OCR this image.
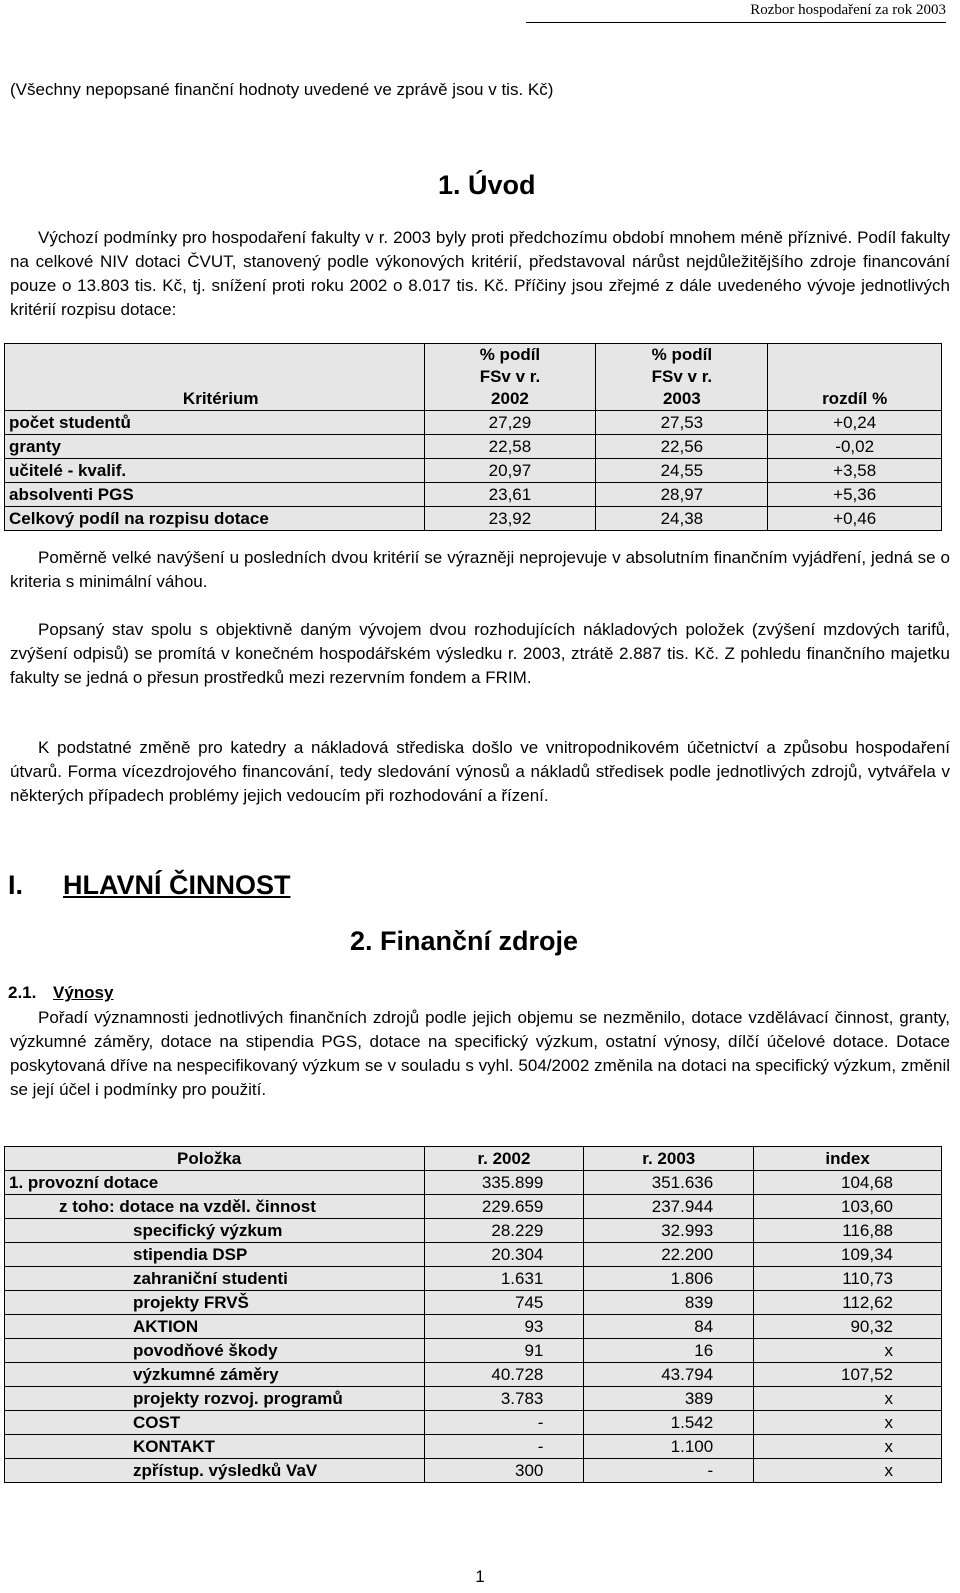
Rozbor hospodaření za rok 2003
(Všechny nepopsané finanční hodnoty uvedené ve zprávě jsou v tis. Kč)
1. Úvod
Výchozí podmínky pro hospodaření fakulty v r. 2003 byly proti předchozímu období mnohem méně příznivé. Podíl fakulty na celkové NIV dotaci ČVUT, stanovený podle výkonových kritérií, představoval nárůst nejdůležitějšího zdroje financování pouze o 13.803 tis. Kč, tj. snížení proti roku 2002 o 8.017 tis. Kč. Příčiny jsou zřejmé z dále uvedeného vývoje jednotlivých kritérií rozpisu dotace:
Kritérium	% podíl FSv v r. 2002	% podíl FSv v r. 2003	rozdíl %
počet studentů	27,29	27,53	+0,24
granty	22,58	22,56	-0,02
učitelé - kvalif.	20,97	24,55	+3,58
absolventi PGS	23,61	28,97	+5,36
Celkový podíl na rozpisu dotace	23,92	24,38	+0,46
Poměrně velké navýšení u posledních dvou kritérií se výrazněji neprojevuje v absolutním finančním vyjádření, jedná se o kriteria s minimální váhou.
Popsaný stav spolu s objektivně daným vývojem dvou rozhodujících nákladových položek (zvýšení mzdových tarifů, zvýšení odpisů) se promítá v konečném hospodářském výsledku r. 2003, ztrátě 2.887 tis. Kč. Z pohledu finančního majetku fakulty se jedná o přesun prostředků mezi rezervním fondem a FRIM.
K podstatné změně pro katedry a nákladová střediska došlo ve vnitropodnikovém účetnictví a způsobu hospodaření útvarů. Forma vícezdrojového financování, tedy sledování výnosů a nákladů středisek podle jednotlivých zdrojů, vytvářela v některých případech problémy jejich vedoucím při rozhodování a řízení.
I. HLAVNÍ ČINNOST
2. Finanční zdroje
2.1. Výnosy
Pořadí významnosti jednotlivých finančních zdrojů podle jejich objemu se nezměnilo, dotace vzdělávací činnost, granty, výzkumné záměry, dotace na stipendia PGS, dotace na specifický výzkum, ostatní výnosy, dílčí účelové dotace. Dotace poskytovaná dříve na nespecifikovaný výzkum se v souladu s vyhl. 504/2002 změnila na dotaci na specifický výzkum, změnil se její účel i podmínky pro použití.
Položka	r. 2002	r. 2003	index
1. provozní dotace	335.899	351.636	104,68
z toho: dotace na vzděl. činnost	229.659	237.944	103,60
specifický výzkum	28.229	32.993	116,88
stipendia DSP	20.304	22.200	109,34
zahraniční studenti	1.631	1.806	110,73
projekty FRVŠ	745	839	112,62
AKTION	93	84	90,32
povodňové škody	91	16	x
výzkumné záměry	40.728	43.794	107,52
projekty rozvoj. programů	3.783	389	x
COST	-	1.542	x
KONTAKT	-	1.100	x
zpřístup. výsledků VaV	300	-	x
1
